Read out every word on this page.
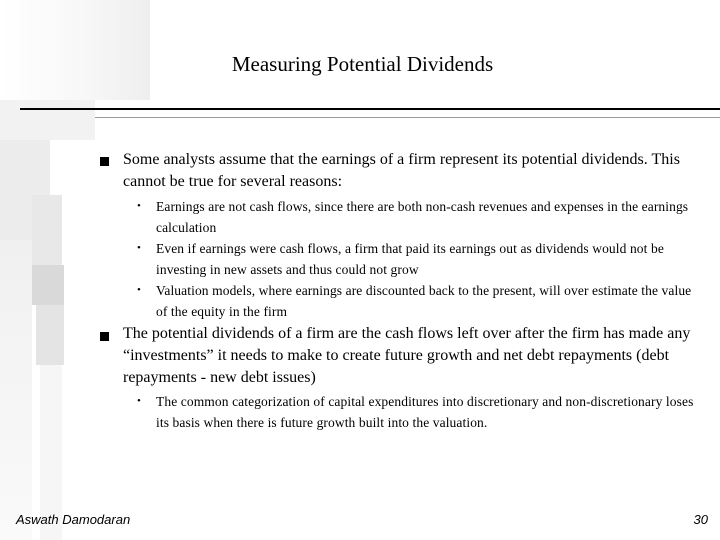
Measuring Potential Dividends

Some analysts assume that the earnings of a firm represent its potential dividends. This cannot be true for several reasons:

• Earnings are not cash flows, since there are both non-cash revenues and expenses in the earnings calculation

• Even if earnings were cash flows, a firm that paid its earnings out as dividends would not be investing in new assets and thus could not grow

• Valuation models, where earnings are discounted back to the present, will over estimate the value of the equity in the firm

The potential dividends of a firm are the cash flows left over after the firm has made any “investments” it needs to make to create future growth and net debt repayments (debt repayments - new debt issues)

• The common categorization of capital expenditures into discretionary and non-discretionary loses its basis when there is future growth built into the valuation.

Aswath Damodaran	30
